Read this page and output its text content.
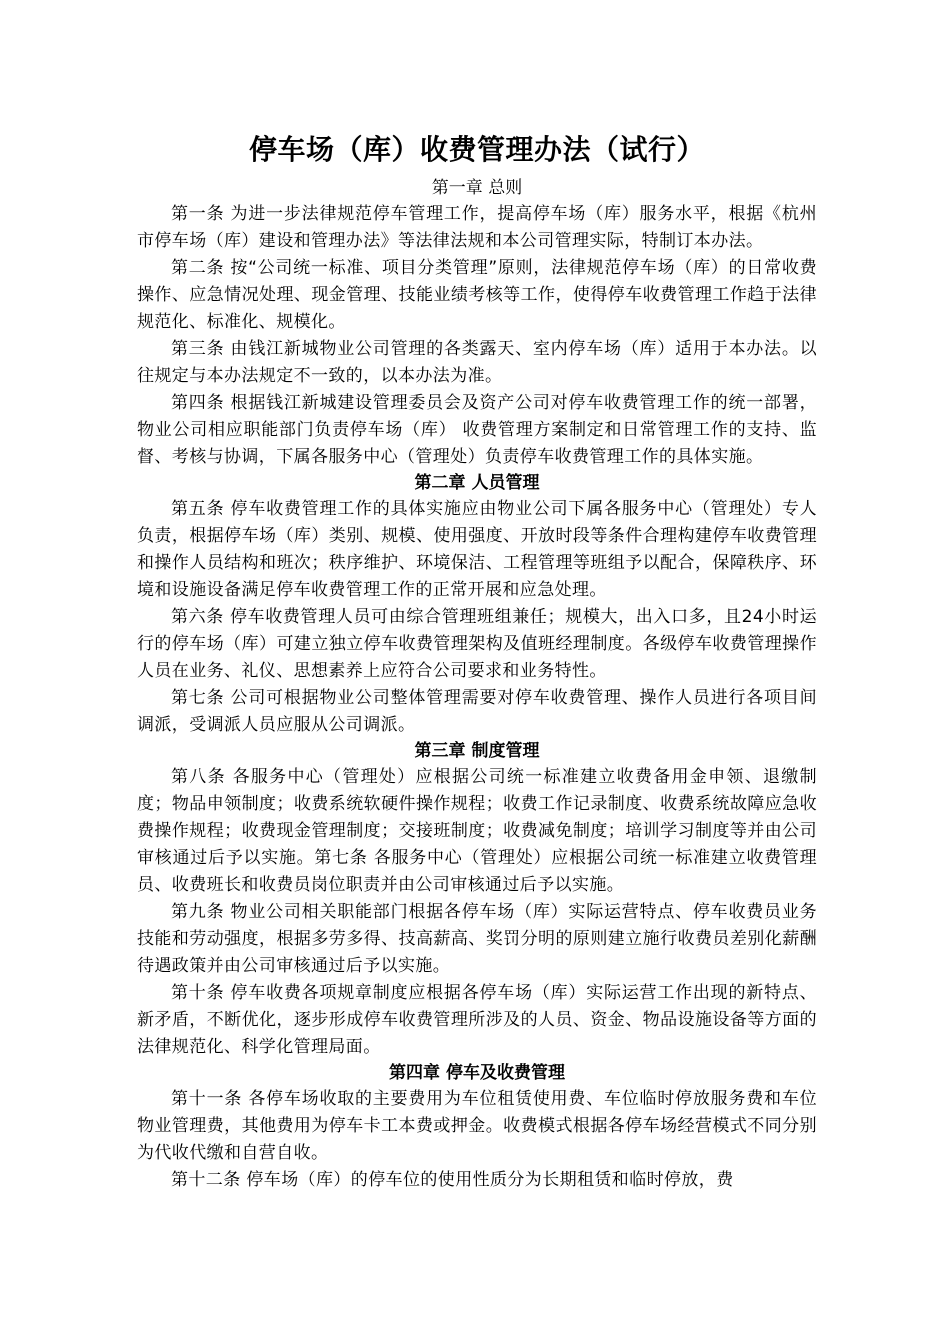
停车场（库）收费管理办法（试行）
第一章 总则

第一条 为进一步法律规范停车管理工作，提高停车场（库）服务水平，根据《杭州市停车场（库）建设和管理办法》等法律法规和本公司管理实际，特制订本办法。

第二条 按“公司统一标准、项目分类管理”原则，法律规范停车场（库）的日常收费操作、应急情况处理、现金管理、技能业绩考核等工作，使得停车收费管理工作趋于法律规范化、标准化、规模化。

第三条 由钱江新城物业公司管理的各类露天、室内停车场（库）适用于本办法。以往规定与本办法规定不一致的，以本办法为准。

第四条 根据钱江新城建设管理委员会及资产公司对停车收费管理工作的统一部署，物业公司相应职能部门负责停车场（库） 收费管理方案制定和日常管理工作的支持、监督、考核与协调，下属各服务中心（管理处）负责停车收费管理工作的具体实施。

第二章 人员管理

第五条 停车收费管理工作的具体实施应由物业公司下属各服务中心（管理处）专人负责，根据停车场（库）类别、规模、使用强度、开放时段等条件合理构建停车收费管理和操作人员结构和班次；秩序维护、环境保洁、工程管理等班组予以配合，保障秩序、环境和设施设备满足停车收费管理工作的正常开展和应急处理。

第六条 停车收费管理人员可由综合管理班组兼任；规模大，出入口多，且24小时运行的停车场（库）可建立独立停车收费管理架构及值班经理制度。各级停车收费管理操作人员在业务、礼仪、思想素养上应符合公司要求和业务特性。

第七条 公司可根据物业公司整体管理需要对停车收费管理、操作人员进行各项目间调派，受调派人员应服从公司调派。

第三章 制度管理

第八条 各服务中心（管理处）应根据公司统一标准建立收费备用金申领、退缴制度；物品申领制度；收费系统软硬件操作规程；收费工作记录制度、收费系统故障应急收费操作规程；收费现金管理制度；交接班制度；收费减免制度；培训学习制度等并由公司审核通过后予以实施。第七条 各服务中心（管理处）应根据公司统一标准建立收费管理员、收费班长和收费员岗位职责并由公司审核通过后予以实施。

第九条 物业公司相关职能部门根据各停车场（库）实际运营特点、停车收费员业务技能和劳动强度，根据多劳多得、技高薪高、奖罚分明的原则建立施行收费员差别化薪酬待遇政策并由公司审核通过后予以实施。

第十条 停车收费各项规章制度应根据各停车场（库）实际运营工作出现的新特点、新矛盾，不断优化，逐步形成停车收费管理所涉及的人员、资金、物品设施设备等方面的法律规范化、科学化管理局面。

第四章 停车及收费管理

第十一条 各停车场收取的主要费用为车位租赁使用费、车位临时停放服务费和车位物业管理费，其他费用为停车卡工本费或押金。收费模式根据各停车场经营模式不同分别为代收代缴和自营自收。

第十二条 停车场（库）的停车位的使用性质分为长期租赁和临时停放，费
